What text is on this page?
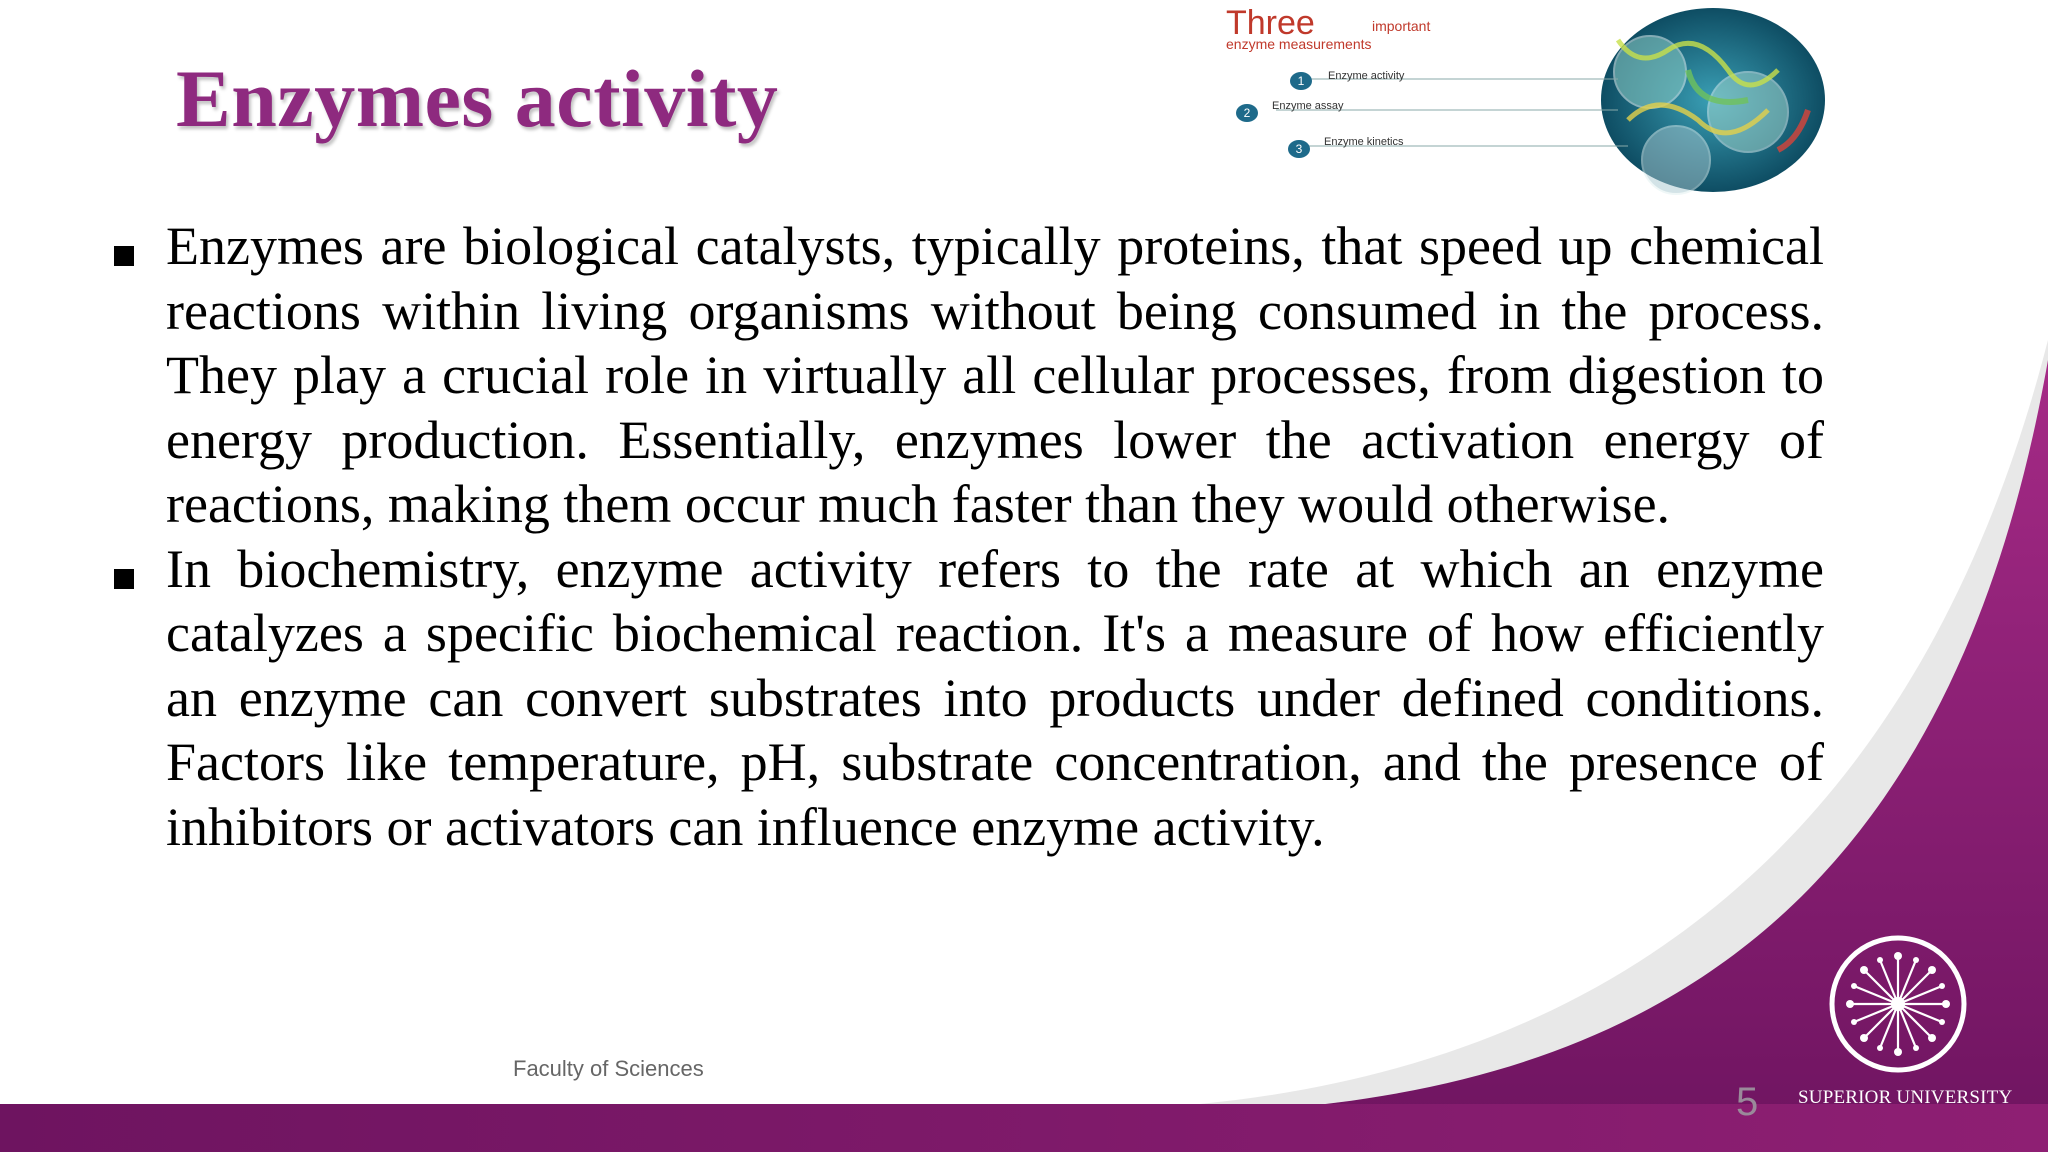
Enzymes activity
Three	important
enzyme measurements
1	Enzyme activity
2	Enzyme assay
3	Enzyme kinetics

Enzymes are biological catalysts, typically proteins, that speed up chemical reactions within living organisms without being consumed in the process. They play a crucial role in virtually all cellular processes, from digestion to energy production. Essentially, enzymes lower the activation energy of reactions, making them occur much faster than they would otherwise.

In biochemistry, enzyme activity refers to the rate at which an enzyme catalyzes a specific biochemical reaction. It's a measure of how efficiently an enzyme can convert substrates into products under defined conditions. Factors like temperature, pH, substrate concentration, and the presence of inhibitors or activators can influence enzyme activity.

Faculty of Sciences
5 SUPERIOR UNIVERSITY
